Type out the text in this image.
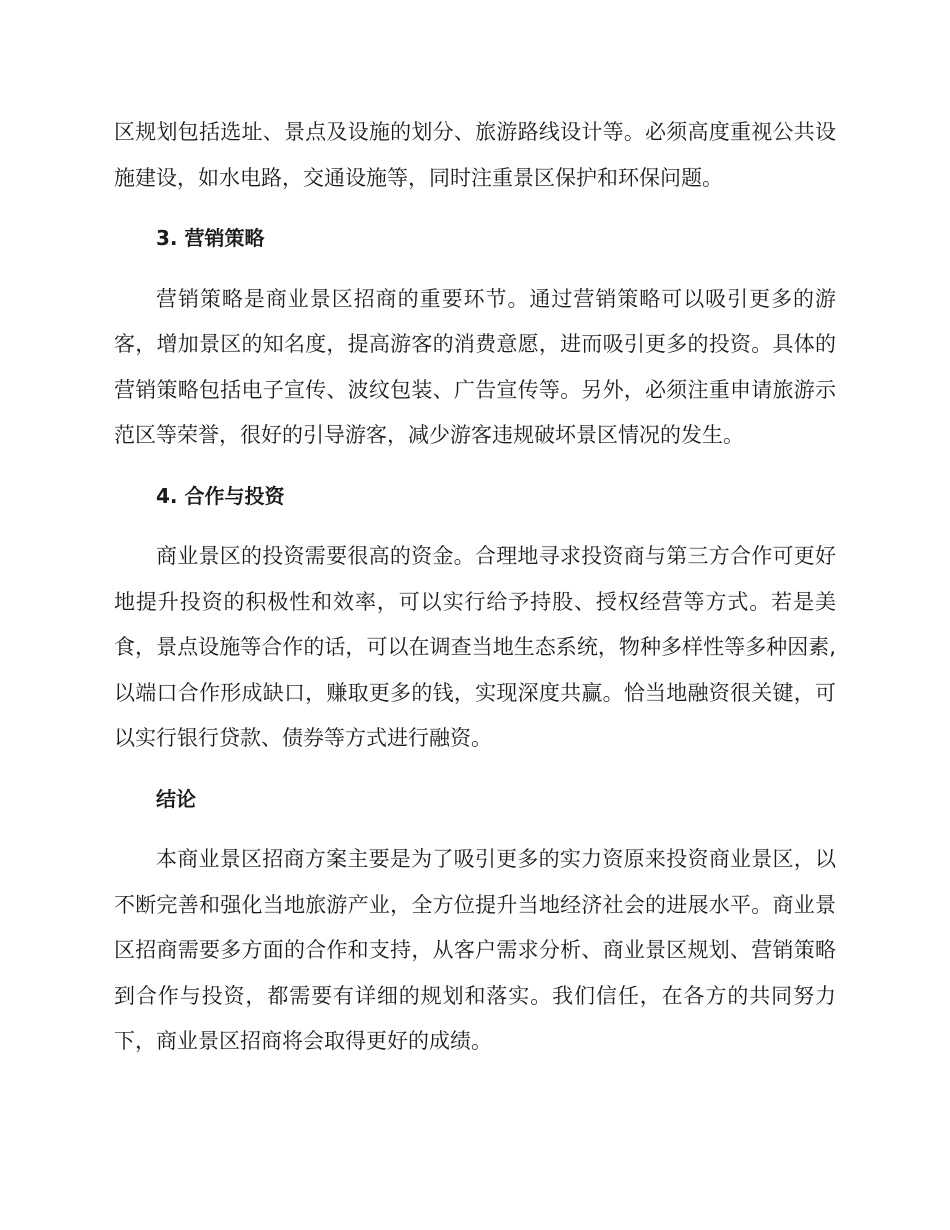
区规划包括选址、景点及设施的划分、旅游路线设计等。必须高度重视公共设施建设，如水电路，交通设施等，同时注重景区保护和环保问题。

3. 营销策略

营销策略是商业景区招商的重要环节。通过营销策略可以吸引更多的游客，增加景区的知名度，提高游客的消费意愿，进而吸引更多的投资。具体的营销策略包括电子宣传、波纹包装、广告宣传等。另外，必须注重申请旅游示范区等荣誉，很好的引导游客，减少游客违规破坏景区情况的发生。

4. 合作与投资

商业景区的投资需要很高的资金。合理地寻求投资商与第三方合作可更好地提升投资的积极性和效率，可以实行给予持股、授权经营等方式。若是美食，景点设施等合作的话，可以在调查当地生态系统，物种多样性等多种因素,以端口合作形成缺口，赚取更多的钱，实现深度共赢。恰当地融资很关键，可以实行银行贷款、债券等方式进行融资。

结论

本商业景区招商方案主要是为了吸引更多的实力资原来投资商业景区，以不断完善和强化当地旅游产业，全方位提升当地经济社会的进展水平。商业景区招商需要多方面的合作和支持，从客户需求分析、商业景区规划、营销策略到合作与投资，都需要有详细的规划和落实。我们信任，在各方的共同努力下，商业景区招商将会取得更好的成绩。
